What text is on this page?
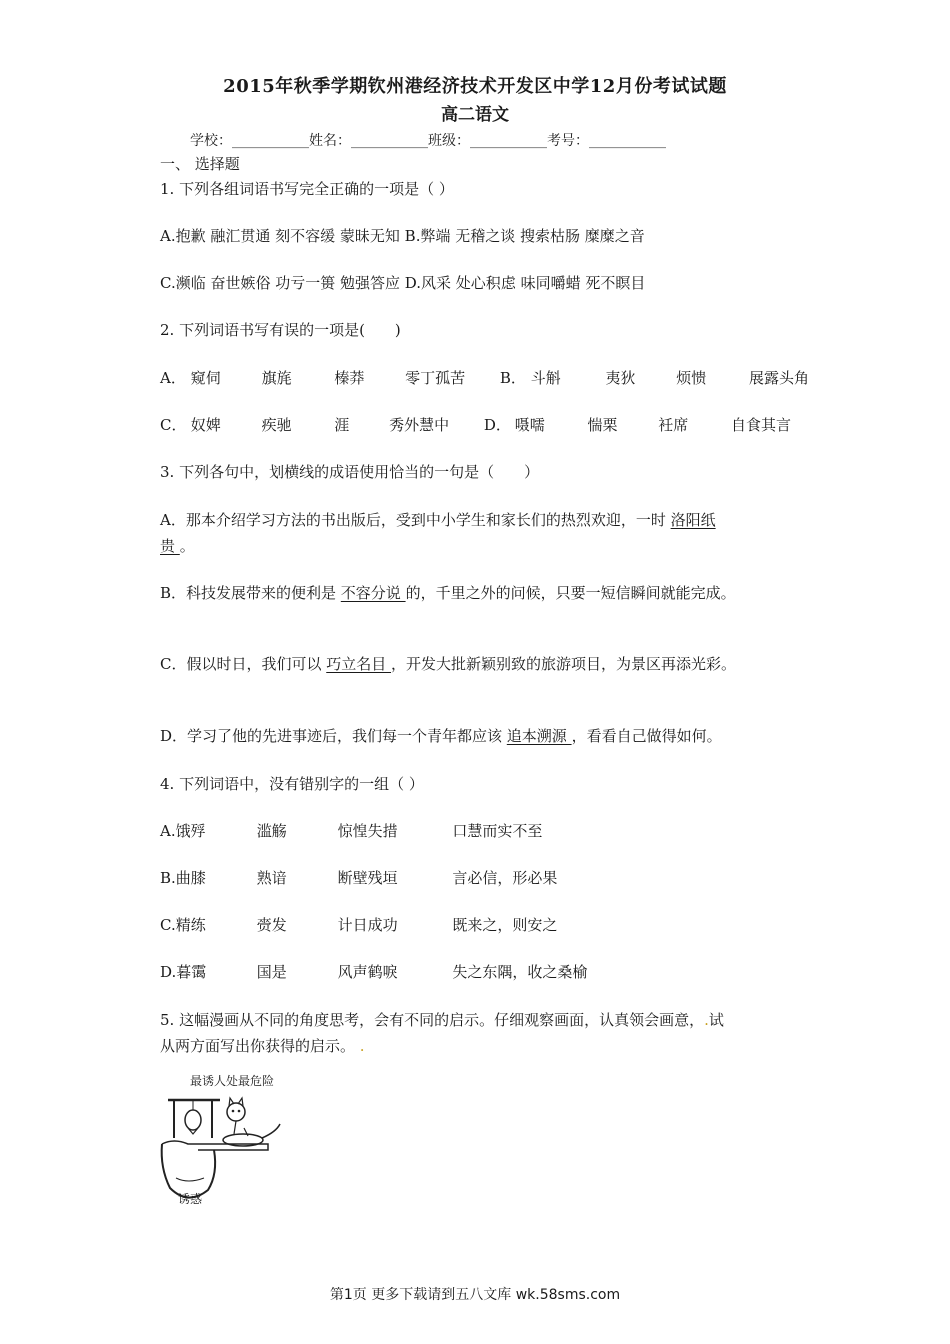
2015年秋季学期钦州港经济技术开发区中学12月份考试试题
高二语文
学校：___________姓名：___________班级：___________考号：___________
一、 选择题
1. 下列各组词语书写完全正确的一项是（ ）
A.抱歉 融汇贯通 刻不容缓 蒙昧无知 B.弊端 无稽之谈 搜索枯肠 糜糜之音
C.濒临 奋世嫉俗 功亏一篑 勉强答应 D.风采 处心积虑 味同嚼蜡 死不瞑目
2. 下列词语书写有误的一项是(　　)
A． 窥伺	旗旄	榛莽	零丁孤苦 B． 斗斛	夷狄	烦愦	展露头角
C． 奴婢	疾驰	涯	秀外慧中 D． 嗫嚅	惴栗	衽席	自食其言
3. 下列各句中，划横线的成语使用恰当的一句是（　　）
A．那本介绍学习方法的书出版后，受到中小学生和家长们的热烈欢迎，一时 洛阳纸
贵 。
B．科技发展带来的便利是 不容分说 的，千里之外的问候，只要一短信瞬间就能完成。
C．假以时日，我们可以 巧立名目 ，开发大批新颖别致的旅游项目，为景区再添光彩。
D．学习了他的先进事迹后，我们每一个青年都应该 追本溯源 ，看看自己做得如何。
4. 下列词语中，没有错别字的一组（ ）
A.饿殍	滥觞	惊惶失措	口慧而实不至
B.曲膝	熟谙	断壁残垣	言必信，形必果
C.精练	赍发	计日成功	既来之，则安之
D.暮霭	国是	风声鹤唳	失之东隅，收之桑榆
5. 这幅漫画从不同的角度思考，会有不同的启示。仔细观察画面，认真领会画意，.试
从两方面写出你获得的启示。 .
最诱人处最危险
诱惑
第1页 更多下载请到五八文库 wk.58sms.com
